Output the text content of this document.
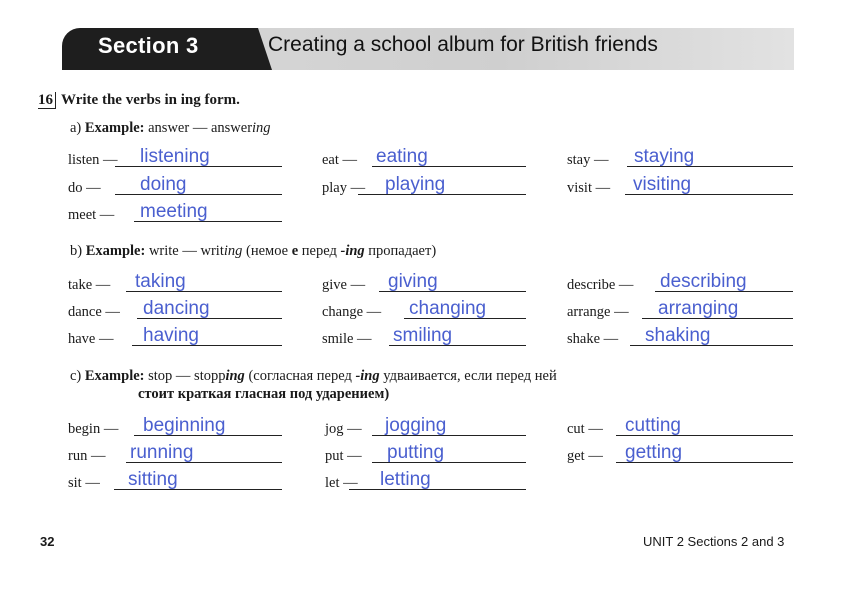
Section 3	Creating a school album for British friends
16 Write the verbs in ing form.
a) Example: answer — answering
listen — listening	eat — eating	stay — staying
do — doing	play — playing	visit — visiting
meet — meeting
b) Example: write — writing (немое e перед -ing пропадает)
take — taking	give — giving	describe — describing
dance — dancing	change — changing	arrange — arranging
have — having	smile — smiling	shake — shaking
c) Example: stop — stopping (согласная перед -ing удваивается, если перед ней
стоит краткая гласная под ударением)
begin — beginning	jog — jogging	cut — cutting
run — running	put — putting	get — getting
sit — sitting	let — letting
32	UNIT 2 Sections 2 and 3
